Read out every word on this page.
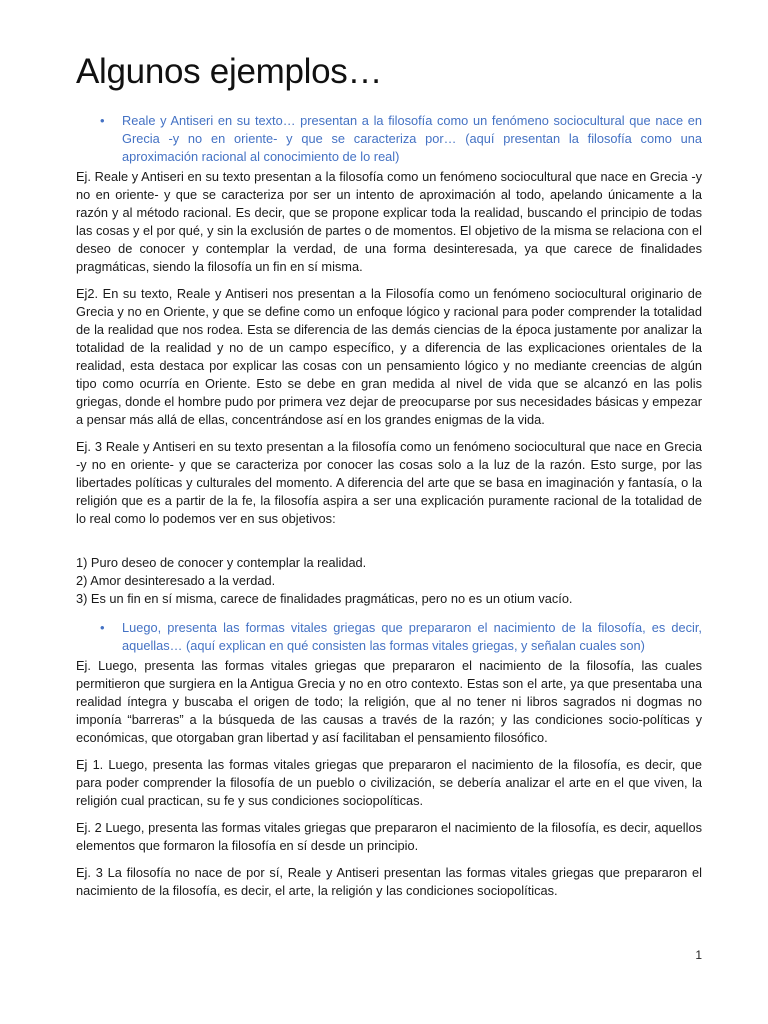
Algunos ejemplos…
• Reale y Antiseri en su texto… presentan a la filosofía como un fenómeno sociocultural que nace en Grecia -y no en oriente- y que se caracteriza por… (aquí presentan la filosofía como una aproximación racional al conocimiento de lo real)

Ej. Reale y Antiseri en su texto presentan a la filosofía como un fenómeno sociocultural que nace en Grecia -y no en oriente- y que se caracteriza por ser un intento de aproximación al todo, apelando únicamente a la razón y al método racional. Es decir, que se propone explicar toda la realidad, buscando el principio de todas las cosas y el por qué, y sin la exclusión de partes o de momentos. El objetivo de la misma se relaciona con el deseo de conocer y contemplar la verdad, de una forma desinteresada, ya que carece de finalidades pragmáticas, siendo la filosofía un fin en sí misma.

Ej2. En su texto, Reale y Antiseri nos presentan a la Filosofía como un fenómeno sociocultural originario de Grecia y no en Oriente, y que se define como un enfoque lógico y racional para poder comprender la totalidad de la realidad que nos rodea. Esta se diferencia de las demás ciencias de la época justamente por analizar la totalidad de la realidad y no de un campo específico, y a diferencia de las explicaciones orientales de la realidad, esta destaca por explicar las cosas con un pensamiento lógico y no mediante creencias de algún tipo como ocurría en Oriente. Esto se debe en gran medida al nivel de vida que se alcanzó en las polis griegas, donde el hombre pudo por primera vez dejar de preocuparse por sus necesidades básicas y empezar a pensar más allá de ellas, concentrándose así en los grandes enigmas de la vida.

Ej. 3 Reale y Antiseri en su texto presentan a la filosofía como un fenómeno sociocultural que nace en Grecia -y no en oriente- y que se caracteriza por conocer las cosas solo a la luz de la razón. Esto surge, por las libertades políticas y culturales del momento. A diferencia del arte que se basa en imaginación y fantasía, o la religión que es a partir de la fe, la filosofía aspira a ser una explicación puramente racional de la totalidad de lo real como lo podemos ver en sus objetivos:

1) Puro deseo de conocer y contemplar la realidad.
2) Amor desinteresado a la verdad.
3) Es un fin en sí misma, carece de finalidades pragmáticas, pero no es un otium vacío.
• Luego, presenta las formas vitales griegas que prepararon el nacimiento de la filosofía, es decir, aquellas… (aquí explican en qué consisten las formas vitales griegas, y señalan cuales son)

Ej. Luego, presenta las formas vitales griegas que prepararon el nacimiento de la filosofía, las cuales permitieron que surgiera en la Antigua Grecia y no en otro contexto. Estas son el arte, ya que presentaba una realidad íntegra y buscaba el origen de todo; la religión, que al no tener ni libros sagrados ni dogmas no imponía “barreras” a la búsqueda de las causas a través de la razón; y las condiciones socio-políticas y económicas, que otorgaban gran libertad y así facilitaban el pensamiento filosófico.

Ej 1. Luego, presenta las formas vitales griegas que prepararon el nacimiento de la filosofía, es decir, que para poder comprender la filosofía de un pueblo o civilización, se debería analizar el arte en el que viven, la religión cual practican, su fe y sus condiciones sociopolíticas.

Ej. 2 Luego, presenta las formas vitales griegas que prepararon el nacimiento de la filosofía, es decir, aquellos elementos que formaron la filosofía en sí desde un principio.

Ej. 3 La filosofía no nace de por sí, Reale y Antiseri presentan las formas vitales griegas que prepararon el nacimiento de la filosofía, es decir, el arte, la religión y las condiciones sociopolíticas.

1
